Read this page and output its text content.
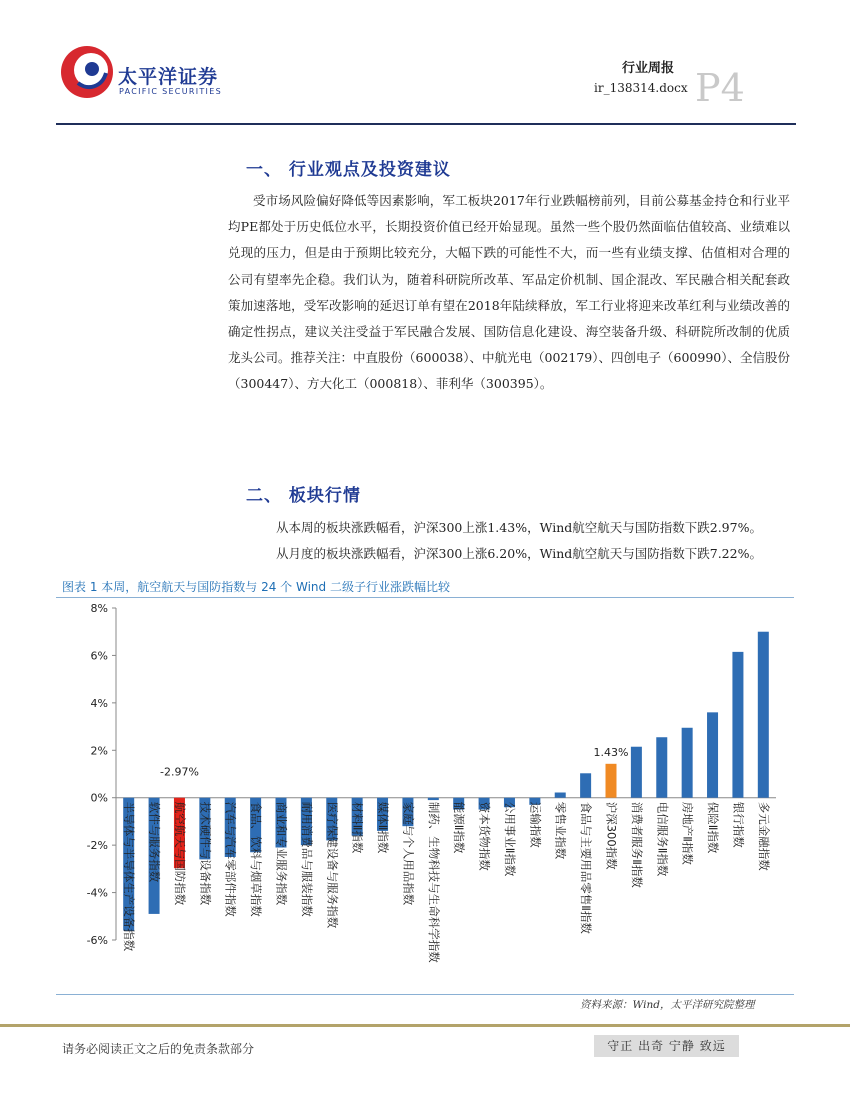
太平洋证券
PACIFIC SECURITIES
行业周报
ir_138314.docx P4
一、 行业观点及投资建议

受市场风险偏好降低等因素影响，军工板块2017年行业跌幅榜前列，目前公募基金持仓和行业平均PE都处于历史低位水平，长期投资价值已经开始显现。虽然一些个股仍然面临估值较高、业绩难以兑现的压力，但是由于预期比较充分，大幅下跌的可能性不大，而一些有业绩支撑、估值相对合理的公司有望率先企稳。我们认为，随着科研院所改革、军品定价机制、国企混改、军民融合相关配套政策加速落地，受军改影响的延迟订单有望在2018年陆续释放，军工行业将迎来改革红利与业绩改善的确定性拐点，建议关注受益于军民融合发展、国防信息化建设、海空装备升级、科研院所改制的优质龙头公司。推荐关注：中直股份（600038）、中航光电（002179）、四创电子（600990）、全信股份（300447）、方大化工（000818）、菲利华（300395）。

二、 板块行情
从本周的板块涨跌幅看，沪深300上涨1.43%，Wind航空航天与国防指数下跌2.97%。
从月度的板块涨跌幅看，沪深300上涨6.20%，Wind航空航天与国防指数下跌7.22%。
图表 1 本周，航空航天与国防指数与 24 个 Wind 二级子行业涨跌幅比较
-6%
-4%
-2%
0%
2%
4%
6%
8%
半导体与半导体生产设备指数 软件与服务指数 航空航天与国防指数 技术硬件与设备指数 汽车与汽车零部件指数 食品、饮料与烟草指数 商业和专业服务指数 耐用消费品与服装指数 医疗保健设备与服务指数 材料Ⅱ指数 媒体Ⅱ指数 家庭与个人用品指数 制药、生物科技与生命科学指数 能源Ⅱ指数 资本货物指数 公用事业Ⅱ指数 运输指数 零售业指数 食品与主要用品零售Ⅱ指数 沪深300指数 消费者服务Ⅱ指数 电信服务Ⅱ指数 房地产Ⅱ指数 保险Ⅱ指数 银行指数 多元金融指数
-2.97%
1.43%
资料来源：Wind，太平洋研究院整理
请务必阅读正文之后的免责条款部分	守正 出奇 宁静 致远
